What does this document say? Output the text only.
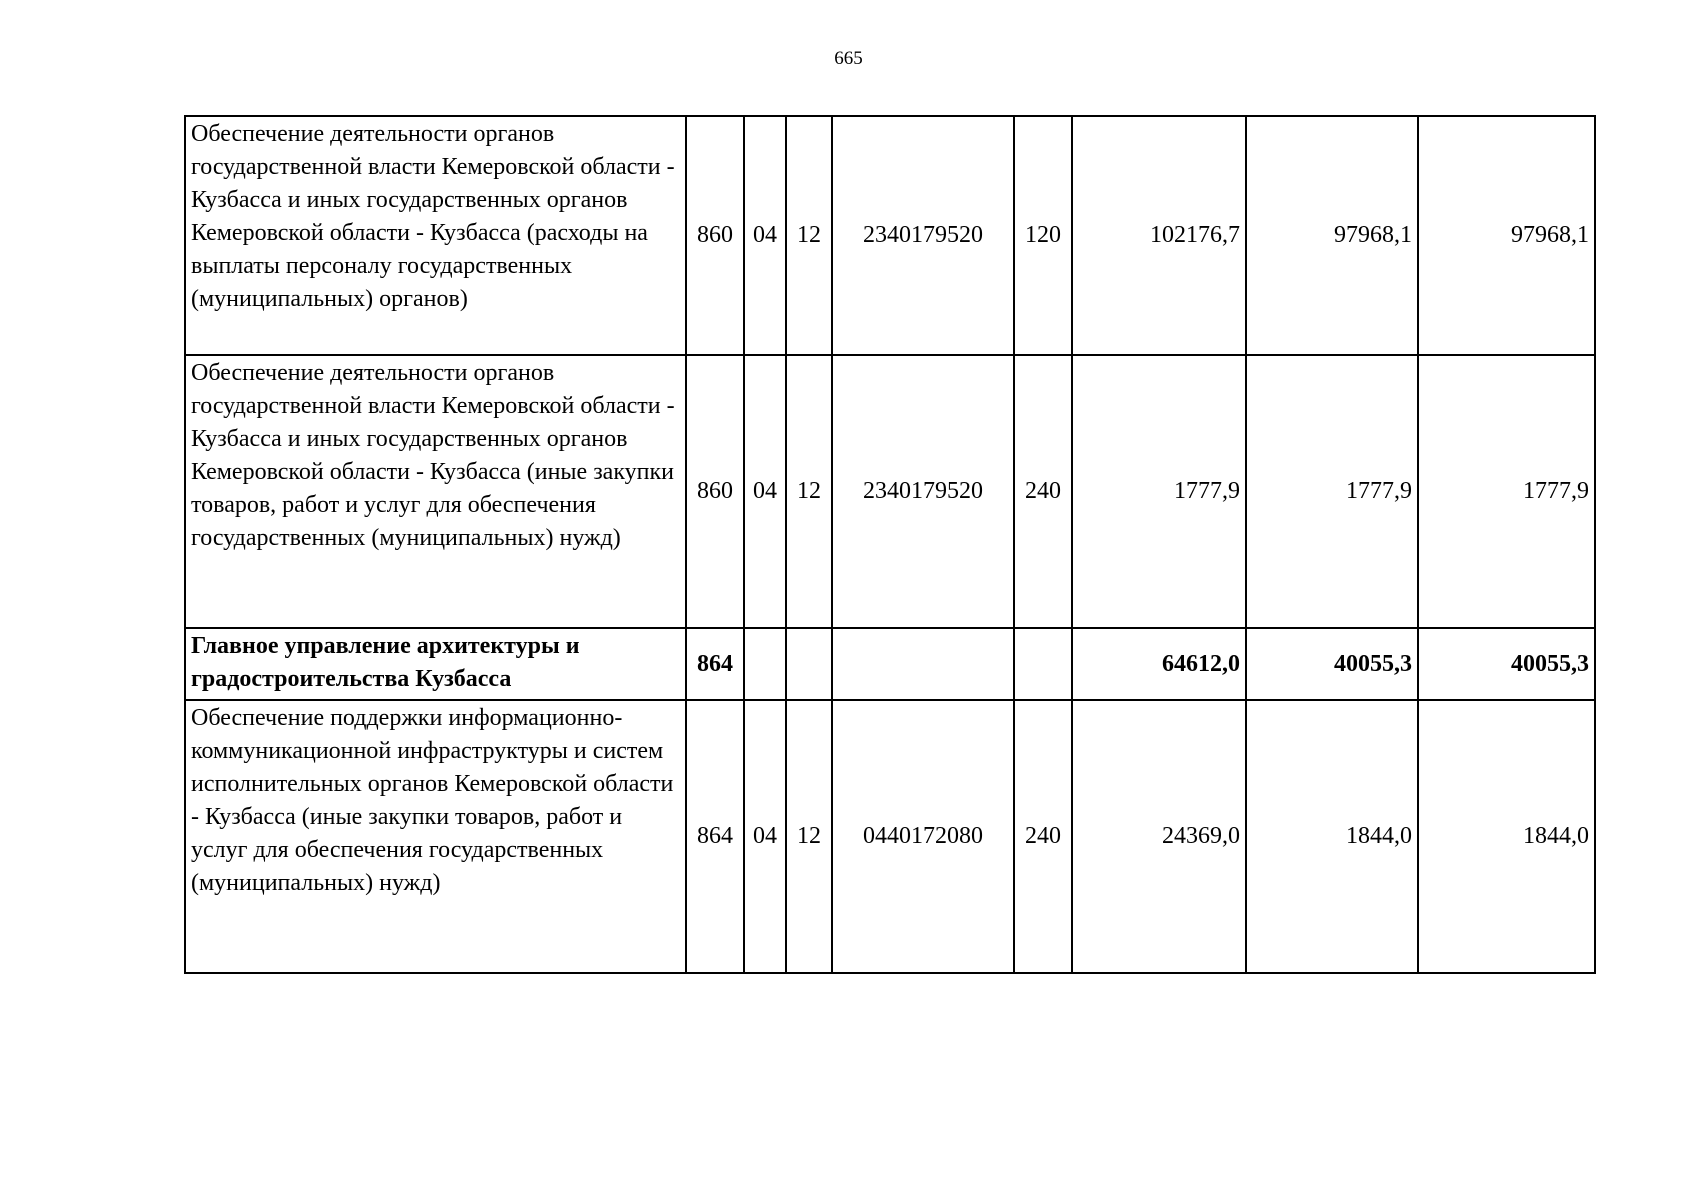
665
Обеспечение деятельности органов государственной власти Кемеровской области - Кузбасса и иных государственных органов Кемеровской области - Кузбасса (расходы на выплаты персоналу государственных (муниципальных) органов)	860	04	12	2340179520	120	102176,7	97968,1	97968,1
Обеспечение деятельности органов государственной власти Кемеровской области - Кузбасса и иных государственных органов Кемеровской области - Кузбасса (иные закупки товаров, работ и услуг для обеспечения государственных (муниципальных) нужд)	860	04	12	2340179520	240	1777,9	1777,9	1777,9
Главное управление архитектуры и градостроительства Кузбасса	864					64612,0	40055,3	40055,3
Обеспечение поддержки информационно-коммуникационной инфраструктуры и систем исполнительных органов Кемеровской области - Кузбасса (иные закупки товаров, работ и услуг для обеспечения государственных (муниципальных) нужд)	864	04	12	0440172080	240	24369,0	1844,0	1844,0
